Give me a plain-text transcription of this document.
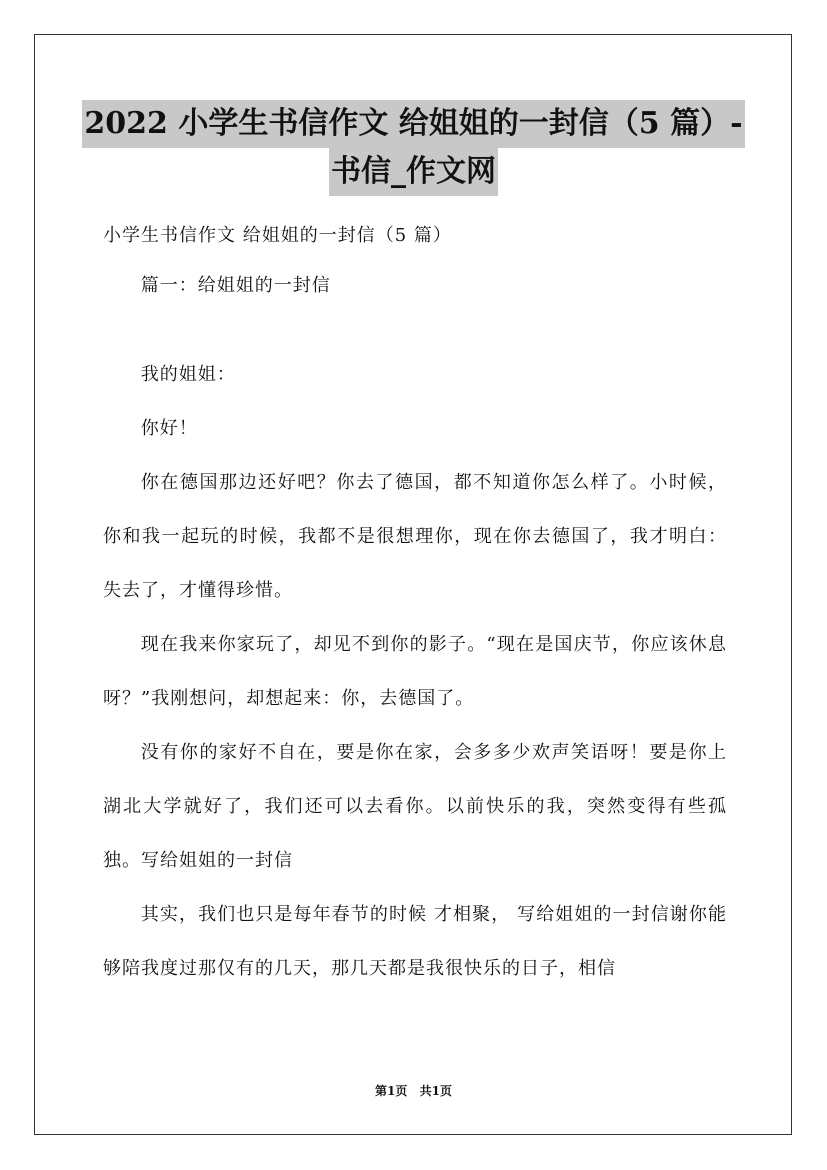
2022 小学生书信作文 给姐姐的一封信（5 篇）-
书信_作文网

小学生书信作文 给姐姐的一封信（5 篇）

篇一：给姐姐的一封信

我的姐姐：

你好！

你在德国那边还好吧？你去了德国，都不知道你怎么样了。小时候，你和我一起玩的时候，我都不是很想理你，现在你去德国了，我才明白：失去了，才懂得珍惜。

现在我来你家玩了，却见不到你的影子。“现在是国庆节，你应该休息呀？”我刚想问，却想起来：你，去德国了。

没有你的家好不自在，要是你在家，会多多少欢声笑语呀！要是你上湖北大学就好了，我们还可以去看你。以前快乐的我，突然变得有些孤独。写给姐姐的一封信

其实，我们也只是每年春节的时候 才相聚， 写给姐姐的一封信谢你能够陪我度过那仅有的几天，那几天都是我很快乐的日子，相信

第1页 共1页
